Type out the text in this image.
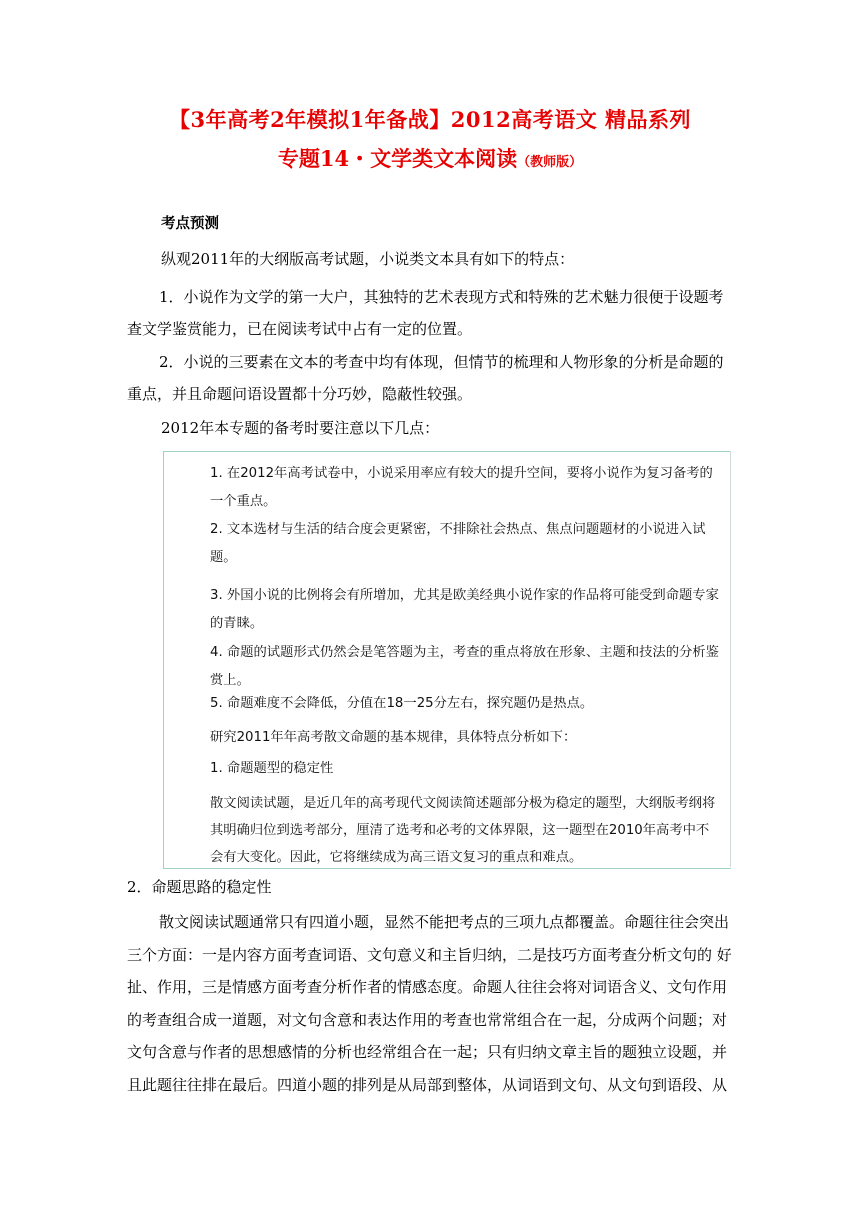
【3年高考2年模拟1年备战】2012高考语文 精品系列
专题14・文学类文本阅读（教师版）
考点预测
纵观2011年的大纲版高考试题，小说类文本具有如下的特点：
1．小说作为文学的第一大户，其独特的艺术表现方式和特殊的艺术魅力很便于设题考查文学鉴赏能力，已在阅读考试中占有一定的位置。
2．小说的三要素在文本的考查中均有体现，但情节的梳理和人物形象的分析是命题的重点，并且命题问语设置都十分巧妙，隐蔽性较强。
2012年本专题的备考时要注意以下几点：
1. 在2012年高考试卷中，小说采用率应有较大的提升空间，要将小说作为复习备考的一个重点。
2. 文本选材与生活的结合度会更紧密，不排除社会热点、焦点问题题材的小说进入试题。
3. 外国小说的比例将会有所增加，尤其是欧美经典小说作家的作品将可能受到命题专家的青睐。
4. 命题的试题形式仍然会是笔答题为主，考查的重点将放在形象、主题和技法的分析鉴赏上。
5. 命题难度不会降低，分值在18一25分左右，探究题仍是热点。
研究2011年年高考散文命题的基本规律，具体特点分析如下：
1. 命题题型的稳定性
散文阅读试题，是近几年的高考现代文阅读简述题部分极为稳定的题型，大纲版考纲将其明确归位到选考部分，厘清了选考和必考的文体界限，这一题型在2010年高考中不会有大变化。因此，它将继续成为高三语文复习的重点和难点。
2．命题思路的稳定性
散文阅读试题通常只有四道小题，显然不能把考点的三项九点都覆盖。命题往往会突出三个方面：一是内容方面考查词语、文句意义和主旨归纳，二是技巧方面考查分析文句的 好扯、作用，三是情感方面考查分析作者的情感态度。命题人往往会将对词语含义、文句作用的考查组合成一道题，对文句含意和表达作用的考查也常常组合在一起，分成两个问题；对文句含意与作者的思想感情的分析也经常组合在一起；只有归纳文章主旨的题独立设题，并且此题往往排在最后。四道小题的排列是从局部到整体，从词语到文句、从文句到语段、从
